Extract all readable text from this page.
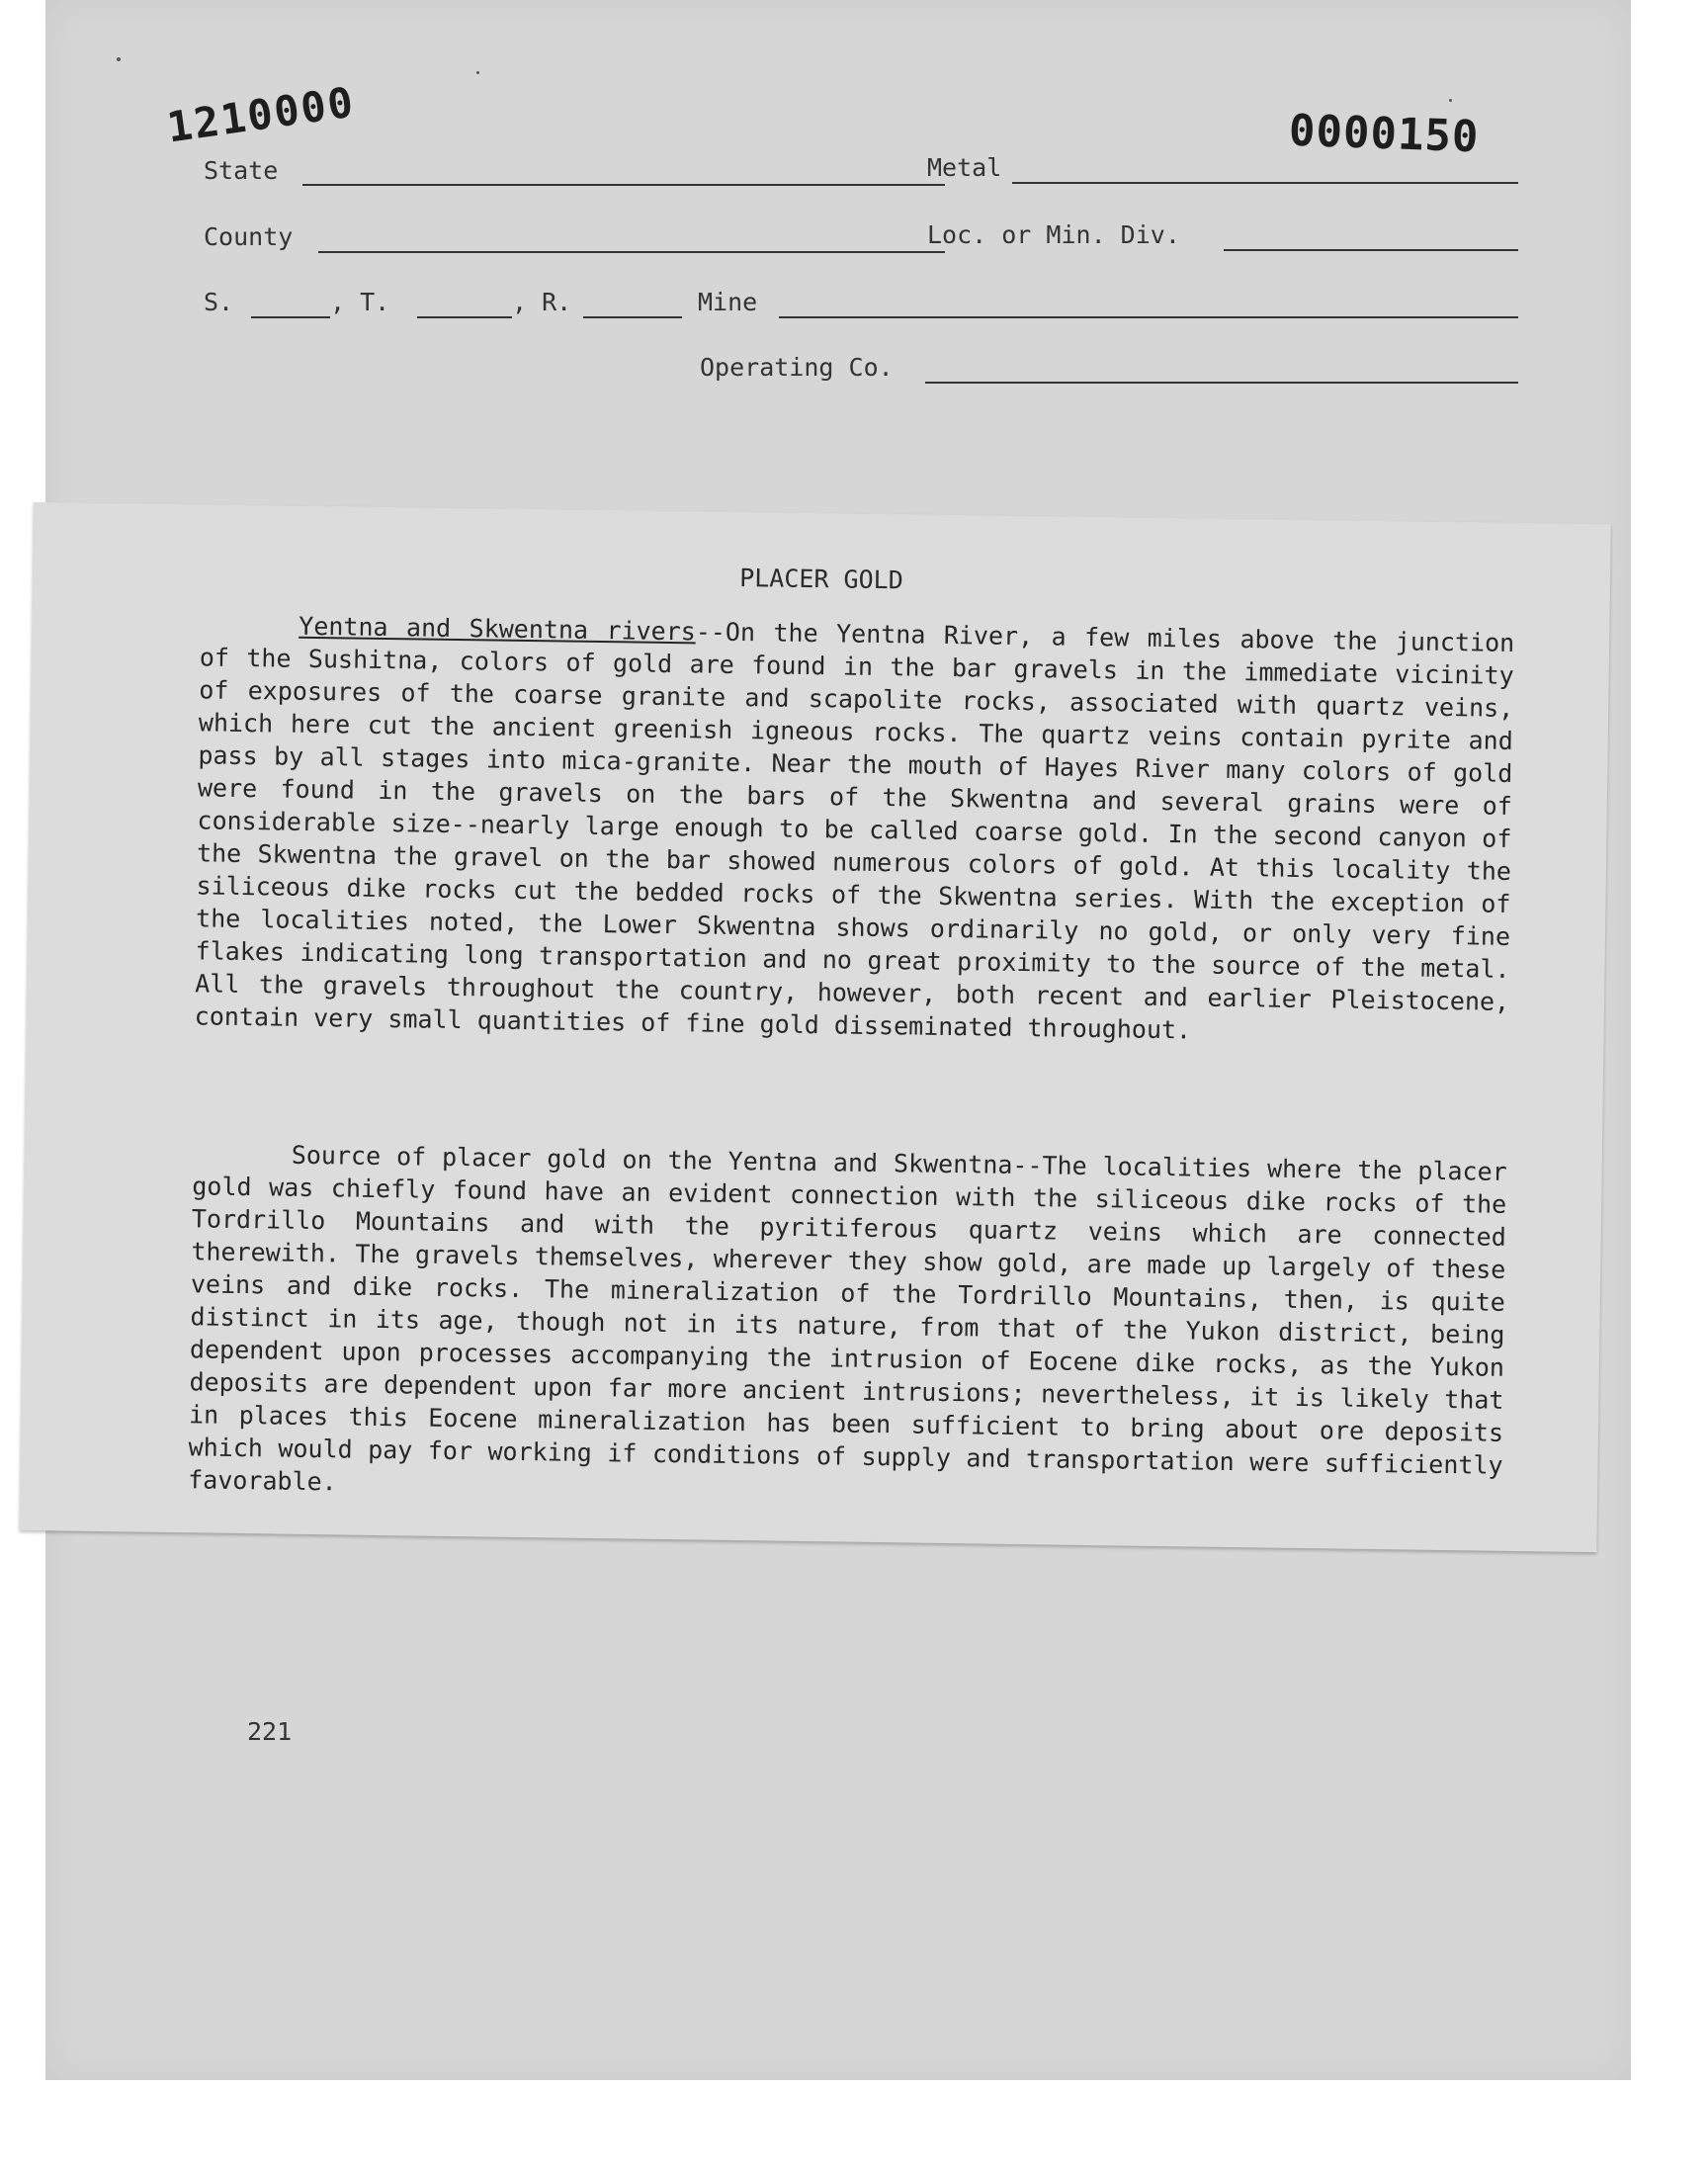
1210000	0000150
State	Metal
County	Loc. or Min. Div.
S.	, T.	, R.	Mine
Operating Co.
221
PLACER GOLD

Yentna and Skwentna rivers--On the Yentna River, a few miles above the junction of the Sushitna, colors of gold are found in the bar gravels in the immediate vicinity of exposures of the coarse granite and scapolite rocks, associated with quartz veins, which here cut the ancient greenish igneous rocks. The quartz veins contain pyrite and pass by all stages into mica-granite. Near the mouth of Hayes River many colors of gold were found in the gravels on the bars of the Skwentna and several grains were of considerable size--nearly large enough to be called coarse gold. In the second canyon of the Skwentna the gravel on the bar showed numerous colors of gold. At this locality the siliceous dike rocks cut the bedded rocks of the Skwentna series. With the exception of the localities noted, the Lower Skwentna shows ordinarily no gold, or only very fine flakes indicating long transportation and no great proximity to the source of the metal. All the gravels throughout the country, however, both recent and earlier Pleistocene, contain very small quantities of fine gold disseminated throughout.

Source of placer gold on the Yentna and Skwentna--The localities where the placer gold was chiefly found have an evident connection with the siliceous dike rocks of the Tordrillo Mountains and with the pyritiferous quartz veins which are connected therewith. The gravels themselves, wherever they show gold, are made up largely of these veins and dike rocks. The mineralization of the Tordrillo Mountains, then, is quite distinct in its age, though not in its nature, from that of the Yukon district, being dependent upon processes accompanying the intrusion of Eocene dike rocks, as the Yukon deposits are dependent upon far more ancient intrusions; nevertheless, it is likely that in places this Eocene mineralization has been sufficient to bring about ore deposits which would pay for working if conditions of supply and transportation were sufficiently favorable.
